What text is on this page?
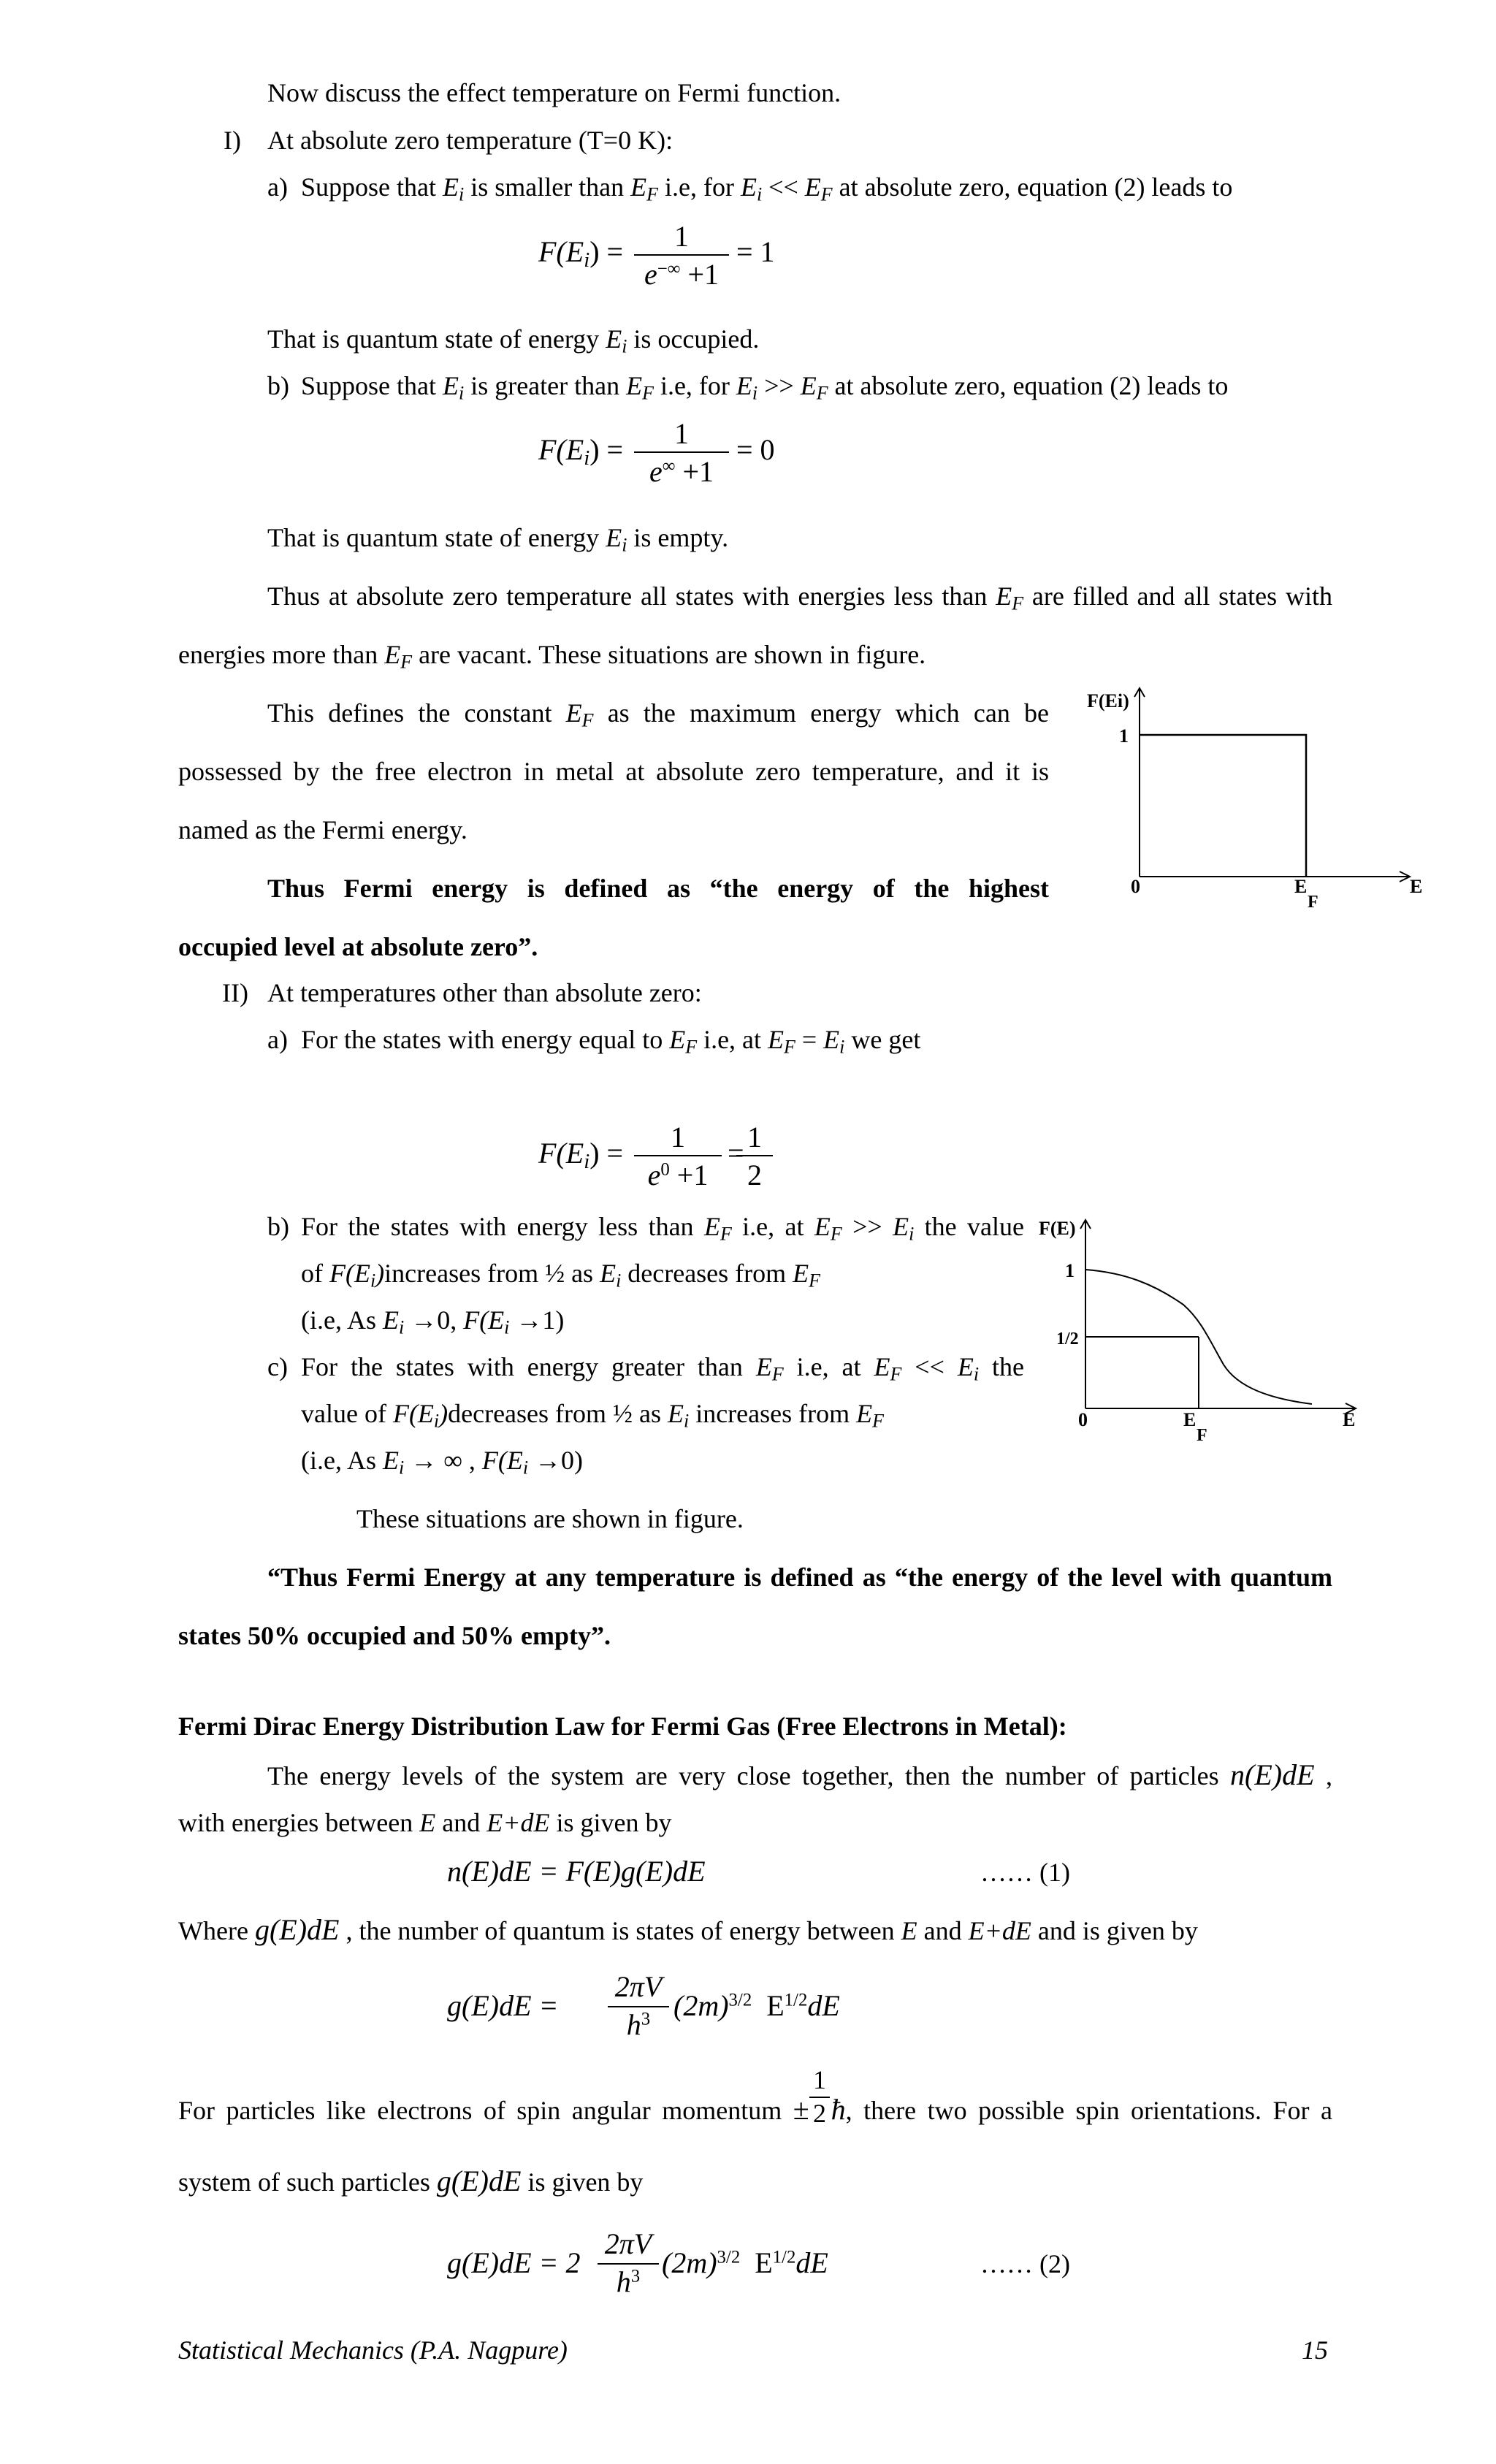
Now discuss the effect temperature on Fermi function.
I) At absolute zero temperature (T=0 K):
a) Suppose that $E_i$ is smaller than $E_F$ i.e, for $E_i << E_F$ at absolute zero, equation (2) leads to
$F(E_i) = \frac{1}{e^{-\infty} +1} = 1$
That is quantum state of energy $E_i$ is occupied.
b) Suppose that $E_i$ is greater than $E_F$ i.e, for $E_i >> E_F$ at absolute zero, equation (2) leads to
$F(E_i) = \frac{1}{e^\infty +1} = 0$
That is quantum state of energy $E_i$ is empty.
Thus at absolute zero temperature all states with energies less than $E_F$ are filled and all states with
energies more than $E_F$ are vacant. These situations are shown in figure.
This defines the constant $E_F$ as the maximum energy which can be
possessed by the free electron in metal at absolute zero temperature, and it is
named as the Fermi energy.
Thus Fermi energy is defined as “the energy of the highest
occupied level at absolute zero”.
F(Ei)
1
0	E
F
E
II) At temperatures other than absolute zero:
a) For the states with energy equal to $E_F$ i.e, at $E_F = E_i$ we get
$F(E_i) = \frac{1}{e^0 +1}$ =
$\frac{1}{2}$
b) For the states with energy less than $E_F$ i.e, at $E_F >> E_i$ the value
of $F(E_i)increases$ from ½ as $E_i$ decreases from $E_F$
(i.e, As $E_i \to 0$, $F(E_i \to 1)$
c) For the states with energy greater than $E_F$ i.e, at $E_F << E_i$ the
value of $F(E_i)decreases$ from ½ as $E_i$ increases from $E_F$
(i.e, As $E_i$ → ∞ , $F(E_i \to 0)$
These situations are shown in figure.
“Thus Fermi Energy at any temperature is defined as “the energy of the level with quantum
states 50% occupied and 50% empty”.
F(E)
1
1/2
0	E
F
E
Fermi Dirac Energy Distribution Law for Fermi Gas (Free Electrons in Metal):
The energy levels of the system are very close together, then the number of particles n(E)dE ,
with energies between E and E+dE is given by
n(E)dE = F(E)g(E)dE	…… (1)
Where g(E)dE , the number of quantum is states of energy between E and E+dE and is given by
$g(E)dE = \frac{2\pi V}{h^3} (2m)^{3/2}$ $E^{1/2}dE$
For particles like electrons of spin angular momentum ± ħ, there two possible spin orientations. For a
$\frac{1}{2}$
system of such particles g(E)dE is given by
$g(E)dE = 2 \frac{2\pi V}{h^3} (2m)^{3/2}$ $E^{1/2}dE$	…… (2)
Statistical Mechanics (P.A. Nagpure)	15
